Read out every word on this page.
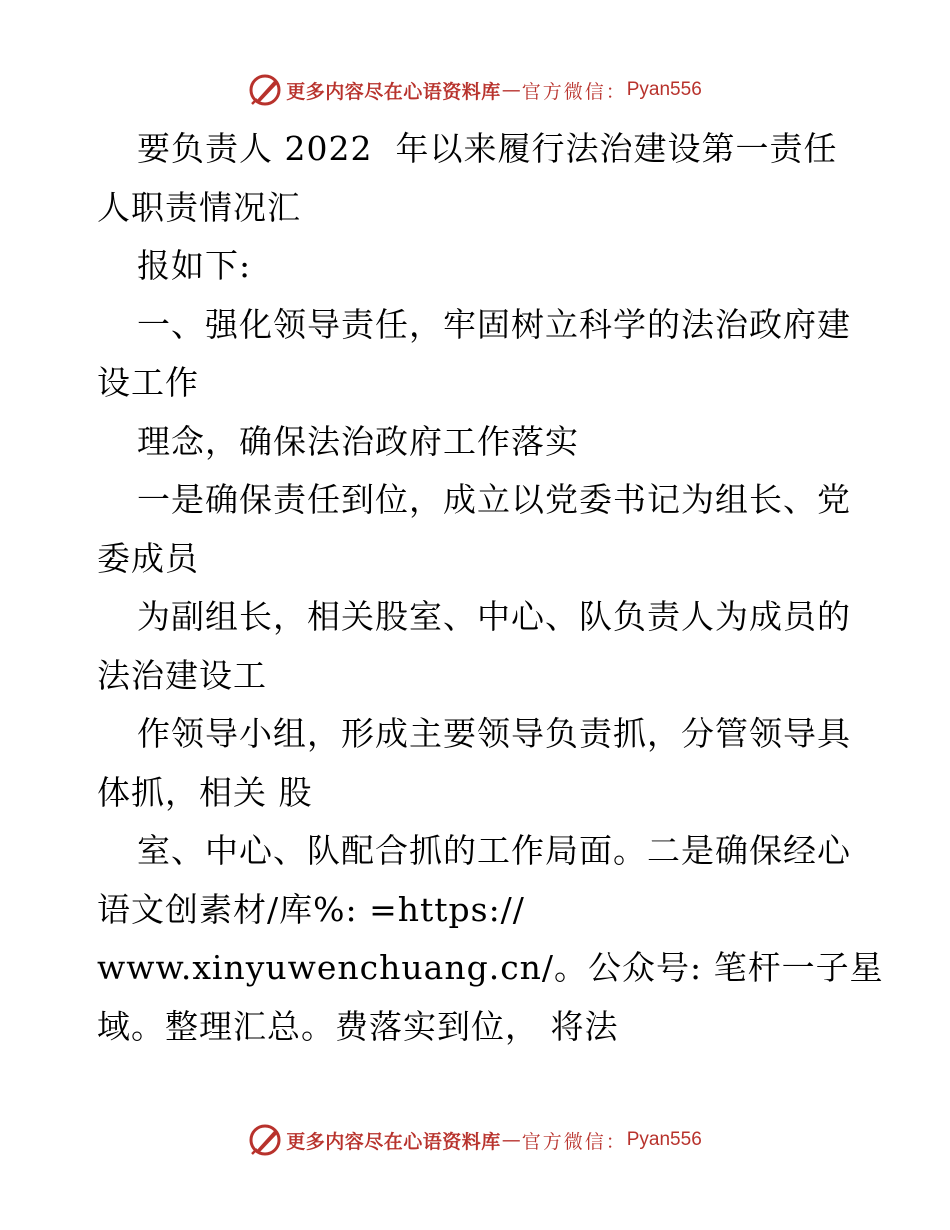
更多内容尽在心语资料库 — 官方微信： Pyan556
要负责人 2022  年以来履行法治建设第一责任
人职责情况汇
报如下:
一、强化领导责任，牢固树立科学的法治政府建
设工作
理念，确保法治政府工作落实
一是确保责任到位，成立以党委书记为组长、党
委成员
为副组长，相关股室、中心、队负责人为成员的
法治建设工
作领导小组，形成主要领导负责抓，分管领导具
体抓，相关 股
室、中心、队配合抓的工作局面。二是确保经心
语文创素材/库%: =https://
www.xinyuwenchuang.cn/。公众号: 笔杆一子星
域。整理汇总。费落实到位， 将法
更多内容尽在心语资料库 — 官方微信： Pyan556
